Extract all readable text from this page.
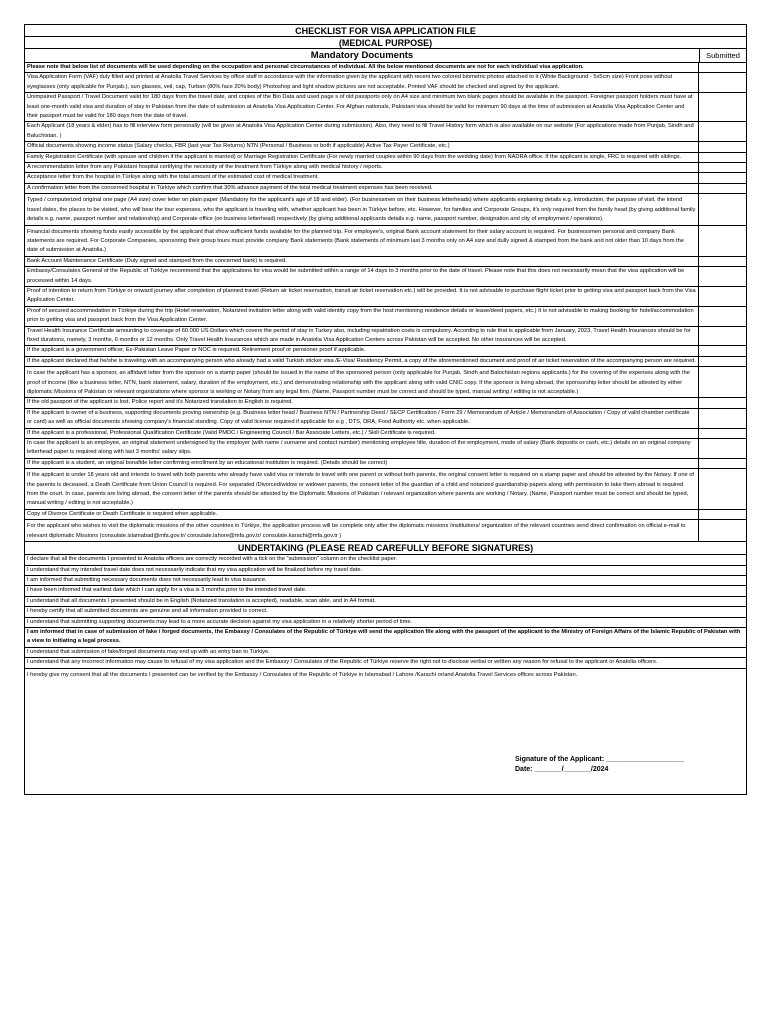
CHECKLIST FOR VISA APPLICATION FILE
(MEDICAL PURPOSE)
Mandatory Documents	Submitted
Please note that below list of documents will be used depending on the occupation and personal circumstances of individual. All the below mentioned documents are not for each individual visa application.
Visa Application Form (VAF) duly filled and printed at Anatolia Travel Services by office staff in accordance with the information given by the applicant with recent two colored biometric photos attached to it (White Background - 5x5cm size) Front pose without eyeglasses (only applicable for Punjab.), sun glasses, veil, cap, Turban (80% face 20% body) Photoshop and light shadow pictures are not acceptable. Printed VAF should be checked and signed by the applicant.
Unimpaired Passport / Travel Document valid for 180 days from the travel date, and copies of the Bio Data and used page s of old passports only on A4 size and minimum two blank pages should be available in the passport. Foreigner passport holders must have at least one-month valid visa and duration of stay in Pakistan from the date of submission at Anatolia Visa Application Center. For Afghan nationals, Pakistani visa should be valid for minimum 90 days at the time of submission at Anatolia Visa Application Center and their passport must be valid for 180 days from the date of travel.
Each Applicant (18 years & elder) has to fill interview form personally (will be given at Anatolia Visa Application Center during submission). Also, they need to fill Travel History form which is also available on our website (For applications made from Punjab, Sindh and Baluchistan. )
Official documents showing income status (Salary checks, FBR (last year Tax Returns) NTN (Personal / Business or both if applicable) Active Tax Payer Certificate, etc.)
Family Registration Certificate (with spouse and children if the applicant is married) or Marriage Registration Certificate (For newly married couples within 90 days from the wedding date) from NADRA office. If the applicant is single, FRC is required with siblings.
A recommendation letter from any Pakistani hospital certifying the necessity of the treatment from Türkiye along with medical history / reports.
Acceptance letter from the hospital in Türkiye along with the total amount of the estimated cost of medical treatment.
A confirmation letter from the concerned hospital in Türkiye which confirm that 30% advance payment of the total medical treatment expenses has been received.
Typed / computerized original one page (A4 size) cover letter on plain paper (Mandatory for the applicant's age of 18 and elder). (For businessmen on their business letterheads) where applicants explaining details e.g. introduction, the purpose of visit, the intend travel dates, the places to be visited, who will bear the tour expenses, who the applicant is traveling with, whether applicant has been in Türkiye before, etc. However, for families and Corporate Groups, it's only required from the family head (by giving additional family details e.g. name, passport number and relationship) and Corporate office (on business letterhead) respectively (by giving additional applicants details e.g. name, passport number, designation and city of employment / operations).
Financial documents showing funds easily accessible by the applicant that show sufficient funds available for the planned trip. For employee's, original Bank account statement for their salary account is required. For businessmen personal and company Bank statements are required. For Corporate Companies, sponsoring their group tours must provide company Bank statements (Bank statements of minimum last 3 months only on A4 size and dully signed & stamped from the bank and not older than 10 days from the date of submission at Anatolia.)
Bank Account Maintenance Certificate (Duly signed and stamped from the concerned bank) is required.
Embassy/Consulates General of the Republic of Türkiye recommend that the applications for visa would be submitted within a range of 14 days to 3 months prior to the date of travel. Please note that this does not necessarily mean that the visa application will be processed within 14 days.
Proof of intention to return from Türkiye or onward journey after completion of planned travel (Return air ticket reservation, transit air ticket reservation etc.) will be provided. It is not advisable to purchase flight ticket prior to getting visa and passport back from the Visa Application Center.
Proof of secured accommodation in Türkiye during the trip (Hotel reservation, Notarized invitation letter along with valid identity copy from the host mentioning residence details or lease/deed papers, etc.) It is not advisable to making booking for hotel/accommodation prior to getting visa and passport back from the Visa Application Center.
Travel Health Insurance Certificate amounting to coverage of 60.000 US Dollars which covers the period of stay in Turkey also, including repatriation costs is compulsory. According to rule that is applicable from January, 2023, Travel Health Insurances should be for fixed durations, namely, 3 months, 6 months or 12 months. Only Travel Health Insurances which are made in Anatolia Visa Application Centers across Pakistan will be accepted. No other insurances will be accepted.
If the applicant is a government officer, Ex-Pakistan Leave Paper or NOC is required. Retirement proof or pensioner proof if applicable.
If the applicant declared that he/she is traveling with an accompanying person who already had a valid Turkish sticker visa /E-Visa/ Residency Permit, a copy of the aforementioned document and proof of air ticket reservation of the accompanying person are required.
In case the applicant has a sponsor, an affidavit letter from the sponsor on a stamp paper (should be issued in the name of the sponsored person (only applicable for Punjab, Sindh and Balochistan regions applicants.) for the covering of the expenses along with the proof of income (like a business letter, NTN, bank statement, salary, duration of the employment, etc.) and demonstrating relationship with the applicant along with valid CNIC copy. If the sponsor is living abroad, the sponsorship letter should be attested by either diplomatic Missions of Pakistan or relevant organizations where sponsor is working or Notary from any legal firm. (Name, Passport number must be correct and should be typed, manual writing / editing is not acceptable.)
If the old passport of the applicant is lost, Police report and it's Notarized translation to English is required.
If the applicant is owner of a business, supporting documents proving ownership (e.g. Business letter head / Business NTN / Partnership Deed / SECP Certification / Form 29 / Memorandum of Article / Memorandum of Association / Copy of valid chamber certificate or card) as well as official documents showing company's financial standing. Copy of valid license required if applicable for e.g , DTS, DRA, Food Authority etc. when applicable.
If the applicant is a professional, Professional Qualification Certificate (Valid PMDC / Engineering Council / Bar Associate Letters, etc.) / Skill Certificate is required.
In case the applicant is an employee, an original statement undersigned by the employer (with name / surname and contact number) mentioning employee title, duration of the employment, mode of salary (Bank deposits or cash, etc.) details on an original company letterhead paper is required along with last 3 months' salary slips.
If the applicant is a student, an original bonafide letter confirming enrollment by an educational institution is required. (Details should be correct)
If the applicant is under 18 years old and intends to travel with both parents who already have valid visa or intends to travel with one parent or without both parents, the original consent letter is required on a stamp paper and should be attested by the Notary. If one of the parents is deceased, a Death Certificate from Union Council is required. For separated /Divorced/widow or widower parents, the consent letter of the guardian of a child and notarized guardianship papers along with permission to take them abroad is required from the court. In case, parents are living abroad, the consent letter of the parents should be attested by the Diplomatic Missions of Pakistan / relevant organization where parents are working / Notary. (Name, Passport number must be correct and should be typed, manual writing / editing is not acceptable.)
Copy of Divorce Certificate or Death Certificate is required when applicable.
For the applicant who wishes to visit the diplomatic missions of the other countries in Türkiye, the application process will be complete only after the diplomatic missions /institutions/ organization of the relevant countries send direct confirmation on official e-mail to relevant diplomatic Missions (consulate.islamabad@mfa.gov.tr/ consulate.lahore@mfa.gov.tr/ consulate.karachi@mfa.gov.tr )
UNDERTAKING (PLEASE READ CAREFULLY BEFORE SIGNATURES)
I declare that all the documents I presented to Anatolia officers are correctly recorded with a tick on the "submission" column on the checklist paper.
I understand that my intended travel date does not necessarily indicate that my visa application will be finalized before my travel date.
I am informed that submitting necessary documents does not necessarily lead to visa issuance.
I have been informed that earliest date which I can apply for a visa is 3 months prior to the intended travel date.
I understand that all documents I presented should be in English (Notarized translation is accepted), readable, scan able, and in A4 format.
I hereby certify that all submitted documents are genuine and all information provided is correct.
I understand that submitting supporting documents may lead to a more accurate decision against my visa application in a relatively shorter period of time.
I am informed that in case of submission of fake / forged documents, the Embassy / Consulates of the Republic of Türkiye will send the application file along with the passport of the applicant to the Ministry of Foreign Affairs of the Islamic Republic of Pakistan with a view to initiating a legal process.
I understand that submission of fake/forged documents may end up with an entry ban to Türkiye.
I understand that any incorrect information may cause to refusal of my visa application and the Embassy / Consulates of the Republic of Türkiye reserve the right not to disclose verbal or written any reason for refusal to the applicant or Anatolia officers.
I hereby give my consent that all the documents I presented can be verified by the Embassy / Consulates of the Republic of Türkiye in Islamabad / Lahore /Karachi or/and Anatolia Travel Services offices across Pakistan.
Signature of the Applicant: ____________________
Date: _______/_______/2024
